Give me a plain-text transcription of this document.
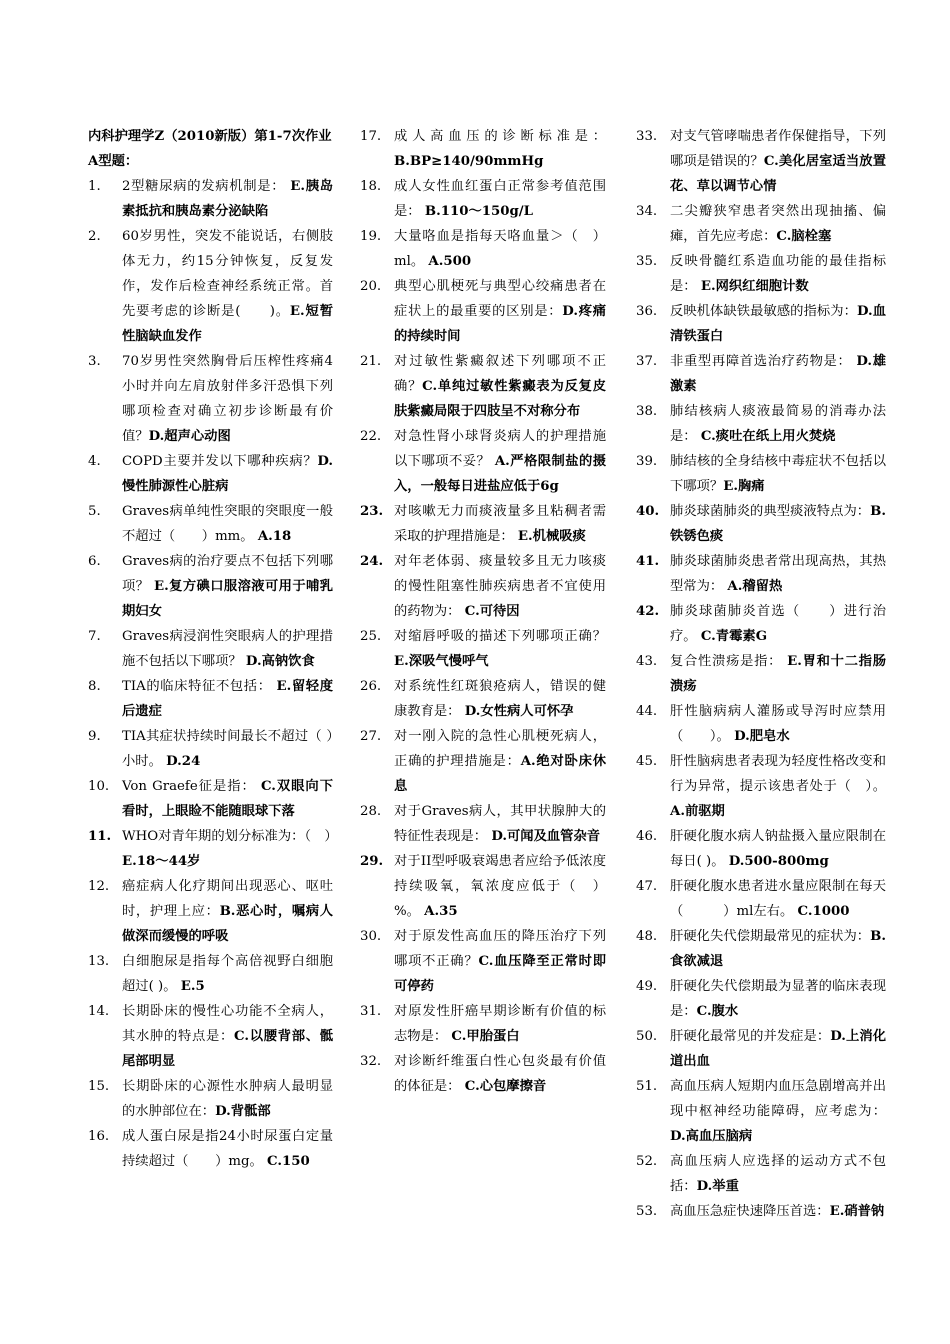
内科护理学Z（2010新版）第1-7次作业
A型题：
1.	2型糖尿病的发病机制是： E.胰岛素抵抗和胰岛素分泌缺陷
2.	60岁男性，突发不能说话，右侧肢体无力，约15分钟恢复，反复发作，发作后检查神经系统正常。首先要考虑的诊断是(　　)。E.短暂性脑缺血发作
3.	70岁男性突然胸骨后压榨性疼痛4小时并向左肩放射伴多汗恐惧下列哪项检查对确立初步诊断最有价值？D.超声心动图
4.	COPD主要并发以下哪种疾病？D.慢性肺源性心脏病
5.	Graves病单纯性突眼的突眼度一般不超过（　　）mm。 A.18
6.	Graves病的治疗要点不包括下列哪项？ E.复方碘口服溶液可用于哺乳期妇女
7.	Graves病浸润性突眼病人的护理措施不包括以下哪项？ D.高钠饮食
8.	TIA的临床特征不包括： E.留轻度后遗症
9.	TIA其症状持续时间最长不超过（ ）小时。 D.24
10. Von Graefe征是指： C.双眼向下看时，上眼睑不能随眼球下落
11. WHO对青年期的划分标准为：（　）E.18～44岁
12. 癌症病人化疗期间出现恶心、呕吐时，护理上应：B.恶心时，嘱病人做深而缓慢的呼吸
13. 白细胞尿是指每个高倍视野白细胞超过( )。 E.5
14. 长期卧床的慢性心功能不全病人，其水肿的特点是：C.以腰背部、骶尾部明显
15. 长期卧床的心源性水肿病人最明显的水肿部位在：D.背骶部
16. 成人蛋白尿是指24小时尿蛋白定量持续超过（　　）mg。 C.150
17. 成人高血压的诊断标准是：B.BP≥140/90mmHg
18. 成人女性血红蛋白正常参考值范围是： B.110～150g/L
19. 大量咯血是指每天咯血量＞（　）ml。 A.500
20. 典型心肌梗死与典型心绞痛患者在症状上的最重要的区别是：D.疼痛的持续时间
21. 对过敏性紫癜叙述下列哪项不正确？C.单纯过敏性紫癜表为反复皮肤紫癜局限于四肢呈不对称分布
22. 对急性肾小球肾炎病人的护理措施以下哪项不妥？ A.严格限制盐的摄入，一般每日进盐应低于6g
23. 对咳嗽无力而痰液量多且粘稠者需采取的护理措施是： E.机械吸痰
24. 对年老体弱、痰量较多且无力咳痰的慢性阻塞性肺疾病患者不宜使用的药物为： C.可待因
25. 对缩唇呼吸的描述下列哪项正确？E.深吸气慢呼气
26. 对系统性红斑狼疮病人，错误的健康教育是： D.女性病人可怀孕
27. 对一刚入院的急性心肌梗死病人，正确的护理措施是：A.绝对卧床休息
28. 对于Graves病人，其甲状腺肿大的特征性表现是： D.可闻及血管杂音
29. 对于II型呼吸衰竭患者应给予低浓度持续吸氧，氧浓度应低于（　）%。 A.35
30. 对于原发性高血压的降压治疗下列哪项不正确？C.血压降至正常时即可停药
31. 对原发性肝癌早期诊断有价值的标志物是： C.甲胎蛋白
32. 对诊断纤维蛋白性心包炎最有价值的体征是： C.心包摩擦音
33. 对支气管哮喘患者作保健指导，下列哪项是错误的？C.美化居室适当放置花、草以调节心情
34. 二尖瓣狭窄患者突然出现抽搐、偏瘫，首先应考虑：C.脑栓塞
35. 反映骨髓红系造血功能的最佳指标是： E.网织红细胞计数
36. 反映机体缺铁最敏感的指标为：D.血清铁蛋白
37. 非重型再障首选治疗药物是： D.雄激素
38. 肺结核病人痰液最简易的消毒办法是： C.痰吐在纸上用火焚烧
39. 肺结核的全身结核中毒症状不包括以下哪项？E.胸痛
40. 肺炎球菌肺炎的典型痰液特点为：B.铁锈色痰
41. 肺炎球菌肺炎患者常出现高热，其热型常为： A.稽留热
42. 肺炎球菌肺炎首选（　　）进行治疗。 C.青霉素G
43. 复合性溃疡是指： E.胃和十二指肠溃疡
44. 肝性脑病病人灌肠或导泻时应禁用（　　）。 D.肥皂水
45. 肝性脑病患者表现为轻度性格改变和行为异常，提示该患者处于（　）。A.前驱期
46. 肝硬化腹水病人钠盐摄入量应限制在每日( )。 D.500-800mg
47. 肝硬化腹水患者进水量应限制在每天（　　　）ml左右。 C.1000
48. 肝硬化失代偿期最常见的症状为：B.食欲减退
49. 肝硬化失代偿期最为显著的临床表现是：C.腹水
50. 肝硬化最常见的并发症是：D.上消化道出血
51. 高血压病人短期内血压急剧增高并出现中枢神经功能障碍，应考虑为： D.高血压脑病
52. 高血压病人应选择的运动方式不包括：D.举重
53. 高血压急症快速降压首选：E.硝普钠
